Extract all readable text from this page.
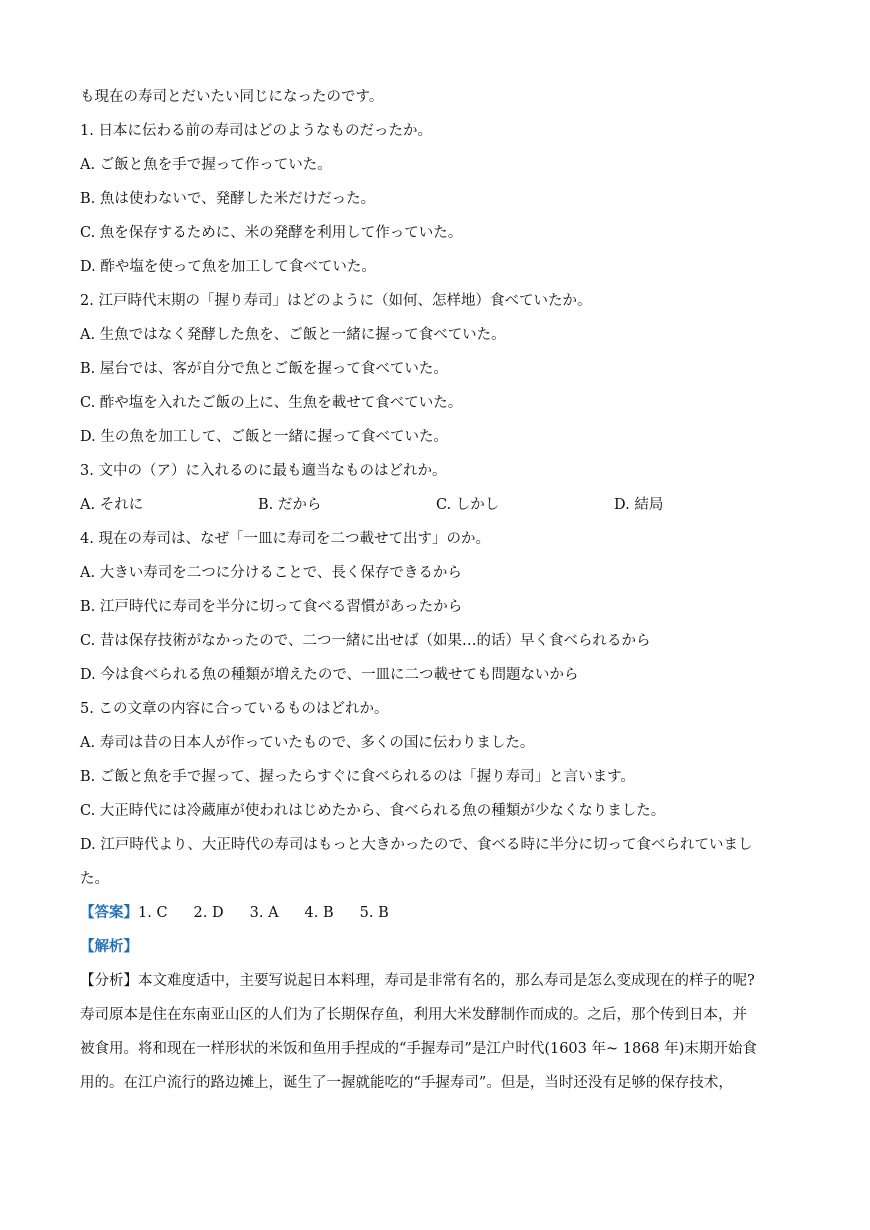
も現在の寿司とだいたい同じになったのです。
1. 日本に伝わる前の寿司はどのようなものだったか。
A. ご飯と魚を手で握って作っていた。
B. 魚は使わないで、発酵した米だけだった。
C. 魚を保存するために、米の発酵を利用して作っていた。
D. 酢や塩を使って魚を加工して食べていた。
2. 江戸時代末期の「握り寿司」はどのように（如何、怎样地）食べていたか。
A. 生魚ではなく発酵した魚を、ご飯と一緒に握って食べていた。
B. 屋台では、客が自分で魚とご飯を握って食べていた。
C. 酢や塩を入れたご飯の上に、生魚を載せて食べていた。
D. 生の魚を加工して、ご飯と一緒に握って食べていた。
3. 文中の（ア）に入れるのに最も適当なものはどれか。
A. それに	B. だから	C. しかし	D. 結局
4. 現在の寿司は、なぜ「一皿に寿司を二つ載せて出す」のか。
A. 大きい寿司を二つに分けることで、長く保存できるから
B. 江戸時代に寿司を半分に切って食べる習慣があったから
C. 昔は保存技術がなかったので、二つ一緒に出せば（如果…的话）早く食べられるから
D. 今は食べられる魚の種類が増えたので、一皿に二つ載せても問題ないから
5. この文章の内容に合っているものはどれか。
A. 寿司は昔の日本人が作っていたもので、多くの国に伝わりました。
B. ご飯と魚を手で握って、握ったらすぐに食べられるのは「握り寿司」と言います。
C. 大正時代には冷蔵庫が使われはじめたから、食べられる魚の種類が少なくなりました。
D. 江戸時代より、大正時代の寿司はもっと大きかったので、食べる時に半分に切って食べられていまし
た。
【答案】1. C 2. D 3. A 4. B 5. B
【解析】
【分析】本文难度适中，主要写说起日本料理，寿司是非常有名的，那么寿司是怎么变成现在的样子的呢?
寿司原本是住在东南亚山区的人们为了长期保存鱼，利用大米发酵制作而成的。之后，那个传到日本，并
被食用。将和现在一样形状的米饭和鱼用手捏成的“手握寿司”是江户时代(1603 年~ 1868 年)末期开始食
用的。在江户流行的路边摊上，诞生了一握就能吃的“手握寿司”。但是，当时还没有足够的保存技术，
